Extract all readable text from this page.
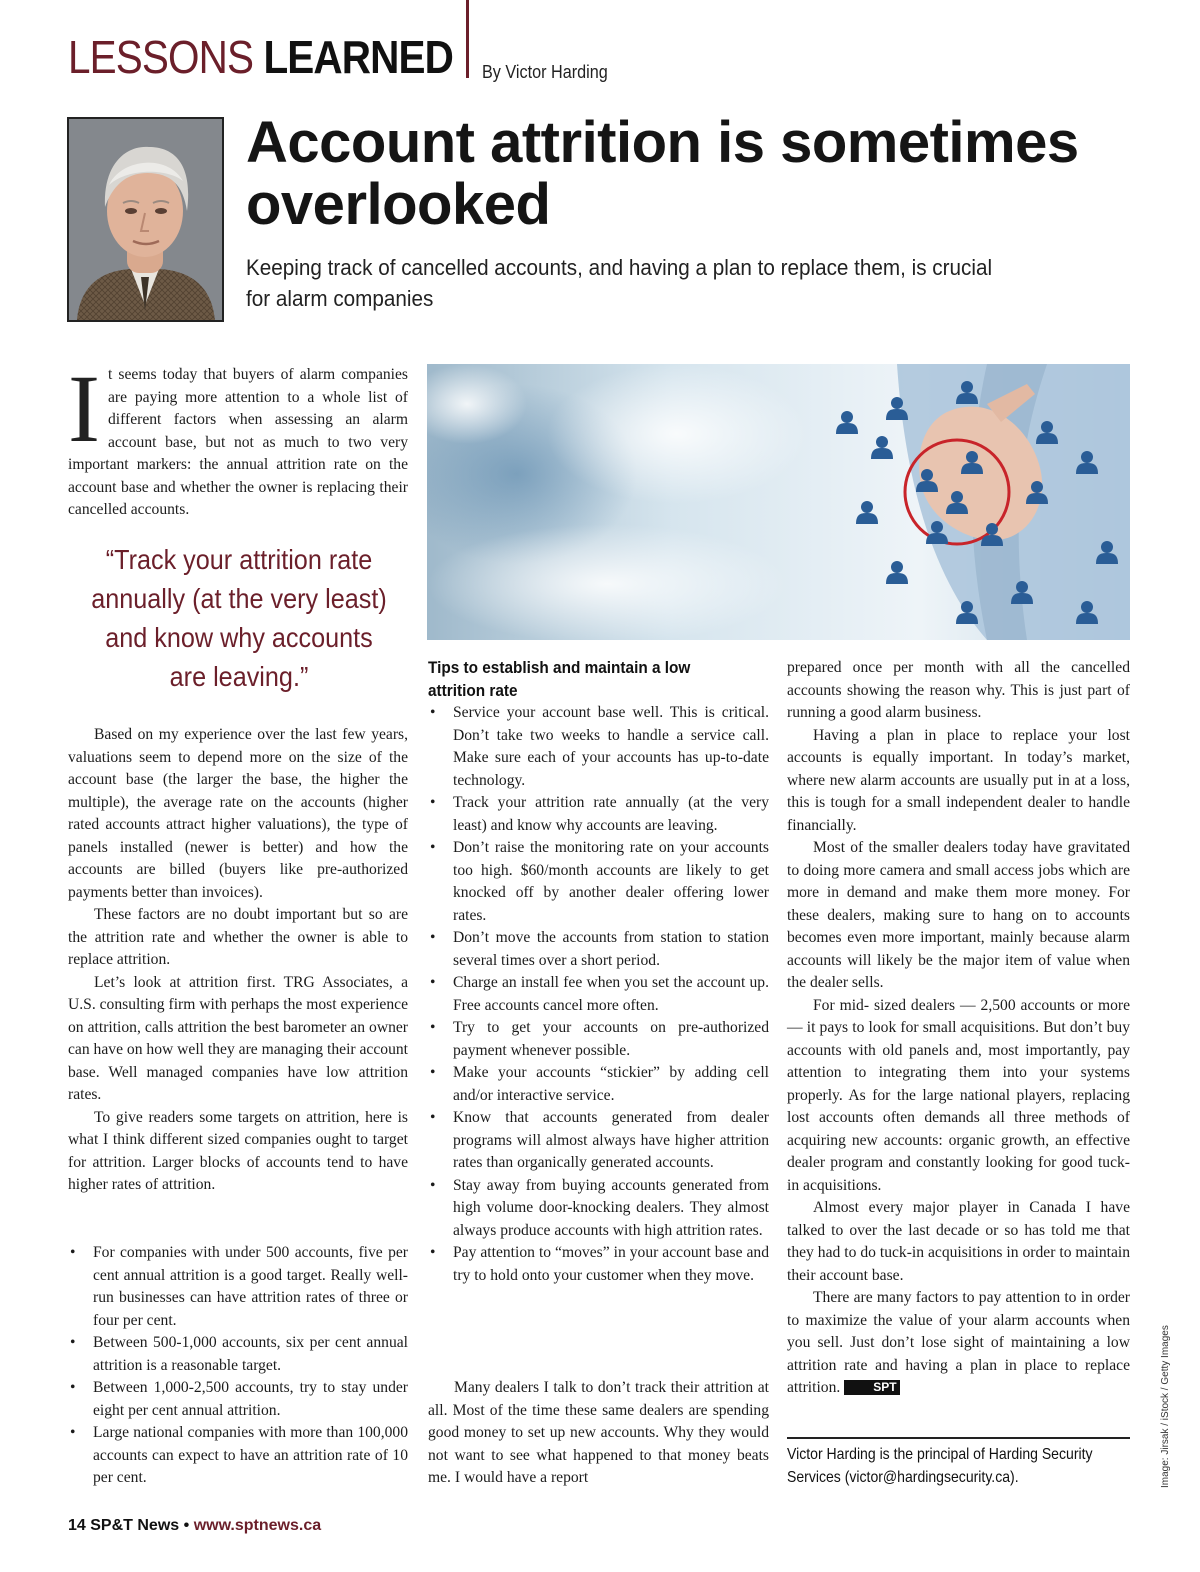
LESSONS LEARNED By Victor Harding
Account attrition is sometimes overlooked

Keeping track of cancelled accounts, and having a plan to replace them, is crucial for alarm companies

It seems today that buyers of alarm companies are paying more attention to a whole list of different factors when assessing an alarm account base, but not as much to two very important markers: the annual attrition rate on the account base and whether the owner is replacing their cancelled accounts.

“Track your attrition rate annually (at the very least) and know why accounts are leaving.”

Based on my experience over the last few years, valuations seem to depend more on the size of the account base (the larger the base, the higher the multiple), the average rate on the accounts (higher rated accounts attract higher valuations), the type of panels installed (newer is better) and how the accounts are billed (buyers like pre-authorized payments better than invoices).

These factors are no doubt important but so are the attrition rate and whether the owner is able to replace attrition.

Let’s look at attrition first. TRG Associates, a U.S. consulting firm with perhaps the most experience on attrition, calls attrition the best barometer an owner can have on how well they are managing their account base. Well managed companies have low attrition rates.

To give readers some targets on attrition, here is what I think different sized companies ought to target for attrition. Larger blocks of accounts tend to have higher rates of attrition.

• For companies with under 500 accounts, five per cent annual attrition is a good target. Really well-run businesses can have attrition rates of three or four per cent.
• Between 500-1,000 accounts, six per cent annual attrition is a reasonable target.
• Between 1,000-2,500 accounts, try to stay under eight per cent annual attrition.
• Large national companies with more than 100,000 accounts can expect to have an attrition rate of 10 per cent.

Tips to establish and maintain a low attrition rate

• Service your account base well. This is critical. Don’t take two weeks to handle a service call. Make sure each of your accounts has up-to-date technology.
• Track your attrition rate annually (at the very least) and know why accounts are leaving.
• Don’t raise the monitoring rate on your accounts too high. $60/month accounts are likely to get knocked off by another dealer offering lower rates.
• Don’t move the accounts from station to station several times over a short period.
• Charge an install fee when you set the account up. Free accounts cancel more often.
• Try to get your accounts on pre-authorized payment whenever possible.
• Make your accounts “stickier” by adding cell and/or interactive service.
• Know that accounts generated from dealer programs will almost always have higher attrition rates than organically generated accounts.
• Stay away from buying accounts generated from high volume door-knocking dealers. They almost always produce accounts with high attrition rates.
• Pay attention to “moves” in your account base and try to hold onto your customer when they move.

Many dealers I talk to don’t track their attrition at all. Most of the time these same dealers are spending good money to set up new accounts. Why they would not want to see what happened to that money beats me. I would have a report

prepared once per month with all the cancelled accounts showing the reason why. This is just part of running a good alarm business.

Having a plan in place to replace your lost accounts is equally important. In today’s market, where new alarm accounts are usually put in at a loss, this is tough for a small independent dealer to handle financially.

Most of the smaller dealers today have gravitated to doing more camera and small access jobs which are more in demand and make them more money. For these dealers, making sure to hang on to accounts becomes even more important, mainly because alarm accounts will likely be the major item of value when the dealer sells.

For mid- sized dealers — 2,500 accounts or more — it pays to look for small acquisitions. But don’t buy accounts with old panels and, most importantly, pay attention to integrating them into your systems properly. As for the large national players, replacing lost accounts often demands all three methods of acquiring new accounts: organic growth, an effective dealer program and constantly looking for good tuck-in acquisitions.

Almost every major player in Canada I have talked to over the last decade or so has told me that they had to do tuck-in acquisitions in order to maintain their account base.

There are many factors to pay attention to in order to maximize the value of your alarm accounts when you sell. Just don’t lose sight of maintaining a low attrition rate and having a plan in place to replace attrition.	SPT

Victor Harding is the principal of Harding Security Services (victor@hardingsecurity.ca).	Image: Jirsak / iStock / Getty Images
14 SP&T News • www.sptnews.ca
